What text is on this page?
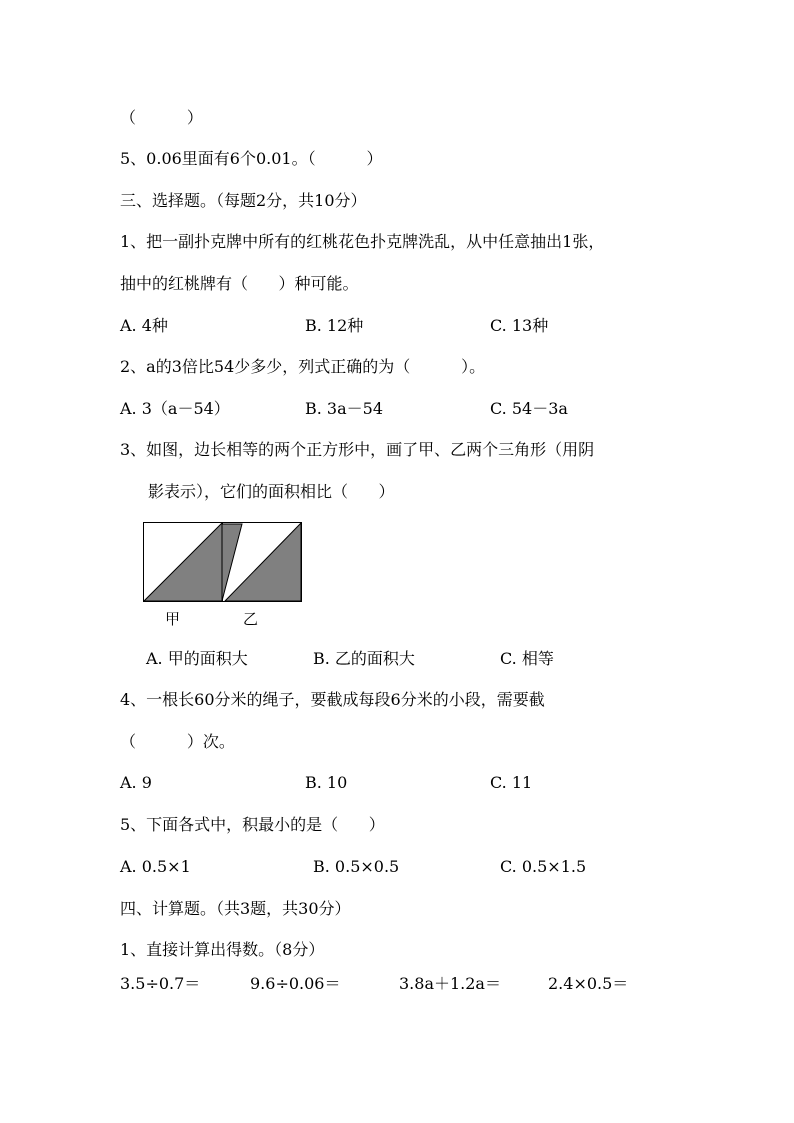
（          ）
5、0.06里面有6个0.01。（          ）
三、选择题。（每题2分，共10分）
1、把一副扑克牌中所有的红桃花色扑克牌洗乱，从中任意抽出1张，
抽中的红桃牌有（      ）种可能。
A. 4种	B. 12种	C. 13种
2、a的3倍比54少多少，列式正确的为（          ）。
A. 3（a－54）	B. 3a－54	C. 54－3a
3、如图，边长相等的两个正方形中，画了甲、乙两个三角形（用阴
影表示），它们的面积相比（      ）
甲	乙
A. 甲的面积大	B. 乙的面积大	C. 相等
4、一根长60分米的绳子，要截成每段6分米的小段，需要截
（          ）次。
A. 9	B. 10	C. 11
5、下面各式中，积最小的是（      ）
A. 0.5×1	B. 0.5×0.5	C. 0.5×1.5
四、计算题。（共3题，共30分）
1、直接计算出得数。（8分）
3.5÷0.7＝	9.6÷0.06＝	3.8a＋1.2a＝	2.4×0.5＝
